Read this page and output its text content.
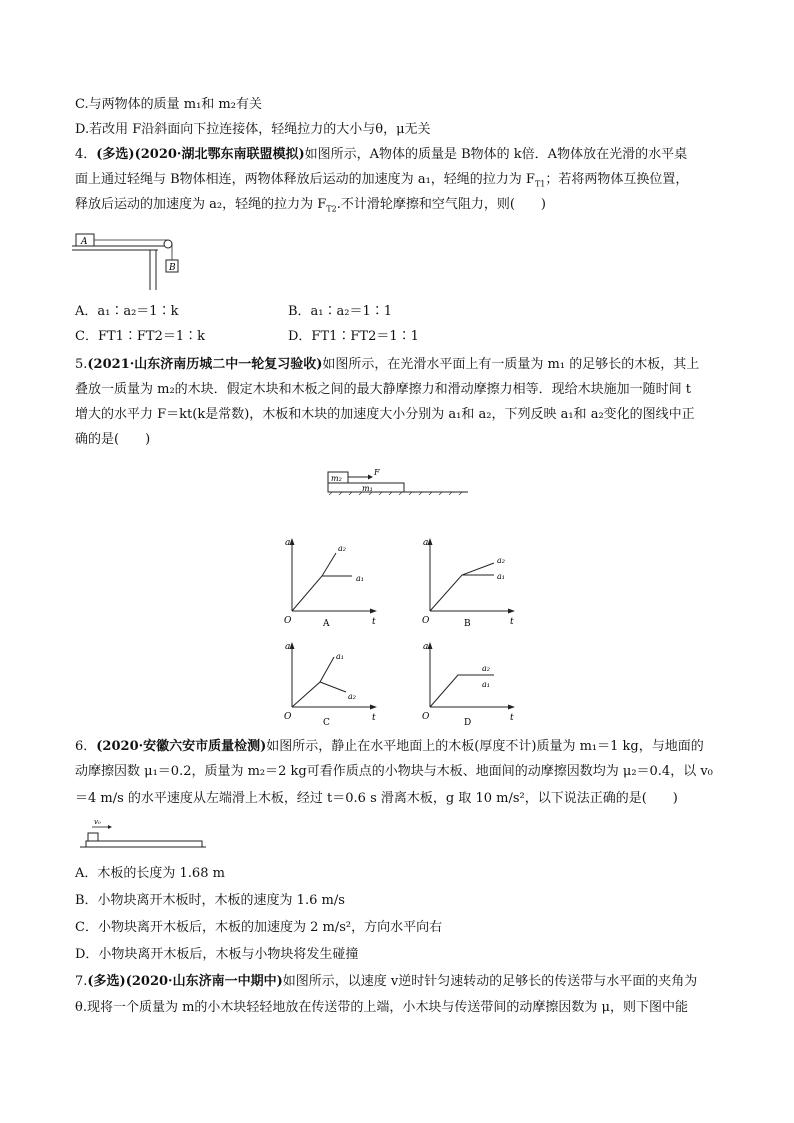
C.与两物体的质量 m₁和 m₂有关
D.若改用 F沿斜面向下拉连接体，轻绳拉力的大小与θ，μ无关
4．(多选)(2020·湖北鄂东南联盟模拟)如图所示，A物体的质量是 B物体的 k倍．A物体放在光滑的水平桌
面上通过轻绳与 B物体相连，两物体释放后运动的加速度为 a₁，轻绳的拉力为 $F_{T1}$；若将两物体互换位置，
释放后运动的加速度为 a₂，轻绳的拉力为 $F_{T2}$.不计滑轮摩擦和空气阻力，则(　　)
A
B
A．a₁∶a₂＝1∶k	B．a₁∶a₂＝1∶1
C．FT1∶FT2＝1∶k	D．FT1∶FT2＝1∶1
5.(2021·山东济南历城二中一轮复习验收)如图所示，在光滑水平面上有一质量为 m₁ 的足够长的木板，其上
叠放一质量为 m₂的木块．假定木块和木板之间的最大静摩擦力和滑动摩擦力相等．现给木块施加一随时间 t
增大的水平力 F＝kt(k是常数)，木板和木块的加速度大小分别为 a₁和 a₂，下列反映 a₁和 a₂变化的图线中正
确的是(　　)
m₁
m₂
F
a
t
O
a₂
a₁
A
a
t
O
a₂
a₁
B
a
t
O
a₁
a₂
C
a
t
O
a₂
a₁
D
6．(2020·安徽六安市质量检测)如图所示，静止在水平地面上的木板(厚度不计)质量为 m₁＝1 kg，与地面的
动摩擦因数 μ₁＝0.2，质量为 m₂＝2 kg可看作质点的小物块与木板、地面间的动摩擦因数均为 μ₂＝0.4，以 v₀
＝4 m/s 的水平速度从左端滑上木板，经过 t＝0.6 s 滑离木板，g 取 10 m/s²，以下说法正确的是(　　)
v₀
A．木板的长度为 1.68 m
B．小物块离开木板时，木板的速度为 1.6 m/s
C．小物块离开木板后，木板的加速度为 2 m/s²，方向水平向右
D．小物块离开木板后，木板与小物块将发生碰撞
7.(多选)(2020·山东济南一中期中)如图所示，以速度 v逆时针匀速转动的足够长的传送带与水平面的夹角为
θ.现将一个质量为 m的小木块轻轻地放在传送带的上端，小木块与传送带间的动摩擦因数为 μ，则下图中能
